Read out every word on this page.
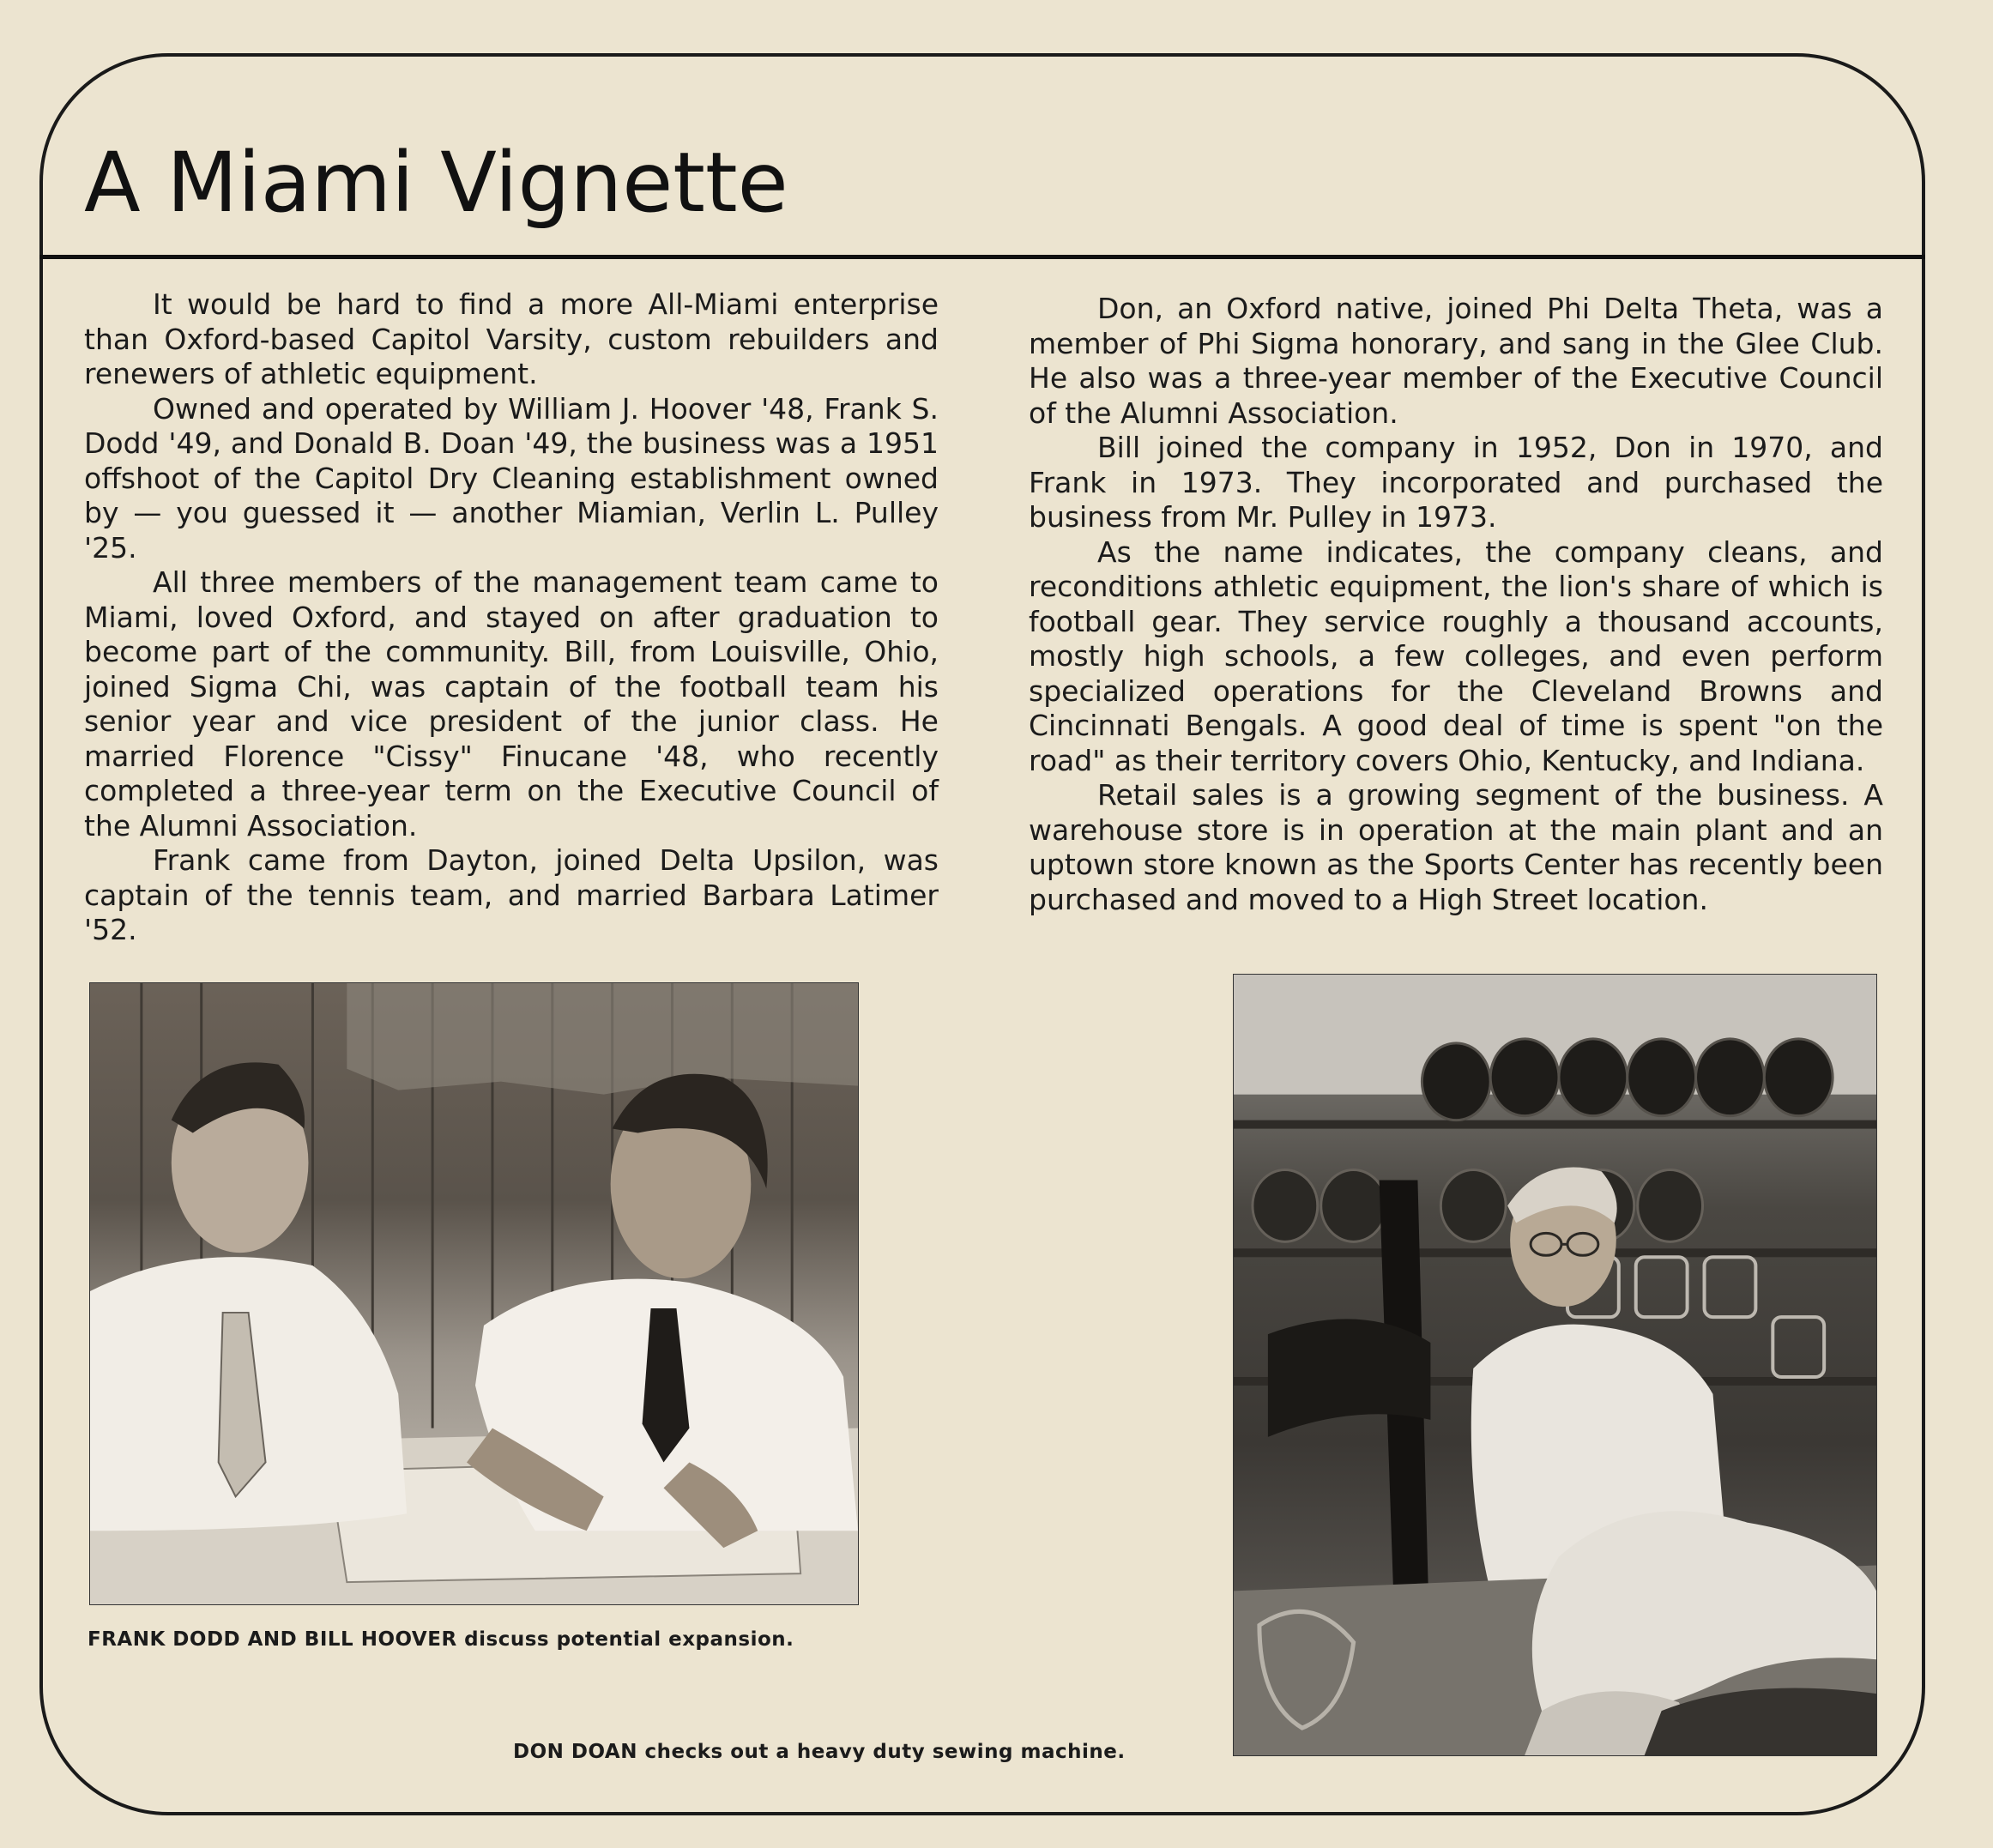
A Miami Vignette

It would be hard to find a more All-Miami enterprise than Oxford-based Capitol Varsity, custom rebuilders and renewers of athletic equipment.

Owned and operated by William J. Hoover '48, Frank S. Dodd '49, and Donald B. Doan '49, the business was a 1951 offshoot of the Capitol Dry Cleaning establishment owned by — you guessed it — another Miamian, Verlin L. Pulley '25.

All three members of the management team came to Miami, loved Oxford, and stayed on after graduation to become part of the community. Bill, from Louisville, Ohio, joined Sigma Chi, was captain of the football team his senior year and vice president of the junior class. He married Florence "Cissy" Finucane '48, who recently completed a three-year term on the Executive Council of the Alumni Association.

Frank came from Dayton, joined Delta Upsilon, was captain of the tennis team, and married Barbara Latimer '52.

Don, an Oxford native, joined Phi Delta Theta, was a member of Phi Sigma honorary, and sang in the Glee Club. He also was a three-year member of the Executive Council of the Alumni Association.

Bill joined the company in 1952, Don in 1970, and Frank in 1973. They incorporated and purchased the business from Mr. Pulley in 1973.

As the name indicates, the company cleans, and reconditions athletic equipment, the lion's share of which is football gear. They service roughly a thousand accounts, mostly high schools, a few colleges, and even perform specialized operations for the Cleveland Browns and Cincinnati Bengals. A good deal of time is spent "on the road" as their territory covers Ohio, Kentucky, and Indiana.

Retail sales is a growing segment of the business. A warehouse store is in operation at the main plant and an uptown store known as the Sports Center has recently been purchased and moved to a High Street location.

FRANK DODD AND BILL HOOVER discuss potential expansion.

DON DOAN checks out a heavy duty sewing machine.
